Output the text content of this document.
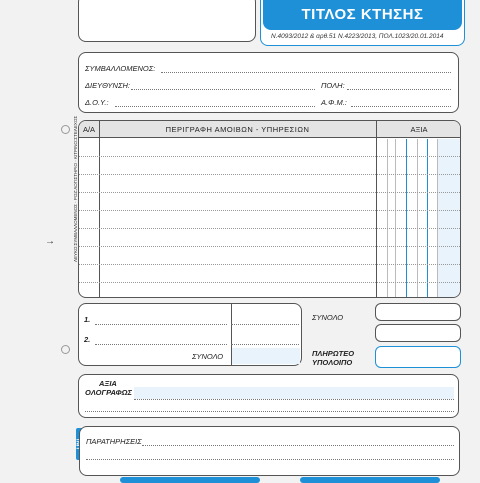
ΤΙΤΛΟΣ ΚΤΗΣΗΣ
Ν.4093/2012 & αρθ.51 Ν.4223/2013, ΠΟΛ.1023/20.01.2014
ΣΥΜΒΑΛΛΟΜΕΝΟΣ:
ΔΙΕΥΘΥΝΣΗ:	ΠΟΛΗ:
Δ.Ο.Υ.:	Α.Φ.Μ.:
→	ΛΕΥΚΟ:ΣΥΜΒΑΛΛΟΜΕΝΟΣ · ΡΟΖ:ΛΟΓΙΣΤΗΡΙΟ · ΚΙΤΡΙΝΟ:ΣΤΕΛΕΧΟΣ Α/Α	ΠΕΡΙΓΡΑΦΗ ΑΜΟΙΒΩΝ - ΥΠΗΡΕΣΙΩΝ	ΑΞΙΑ
1.
2.
ΣΥΝΟΛΟ
ΣΥΝΟΛΟ
ΠΛΗΡΩΤΕΟ
ΥΠΟΛΟΙΠΟ
ΑΞΙΑ
ΟΛΟΓΡΑΦΩΣ
ΠΑΡΑΤΗΡΗΣΕΙΣ
